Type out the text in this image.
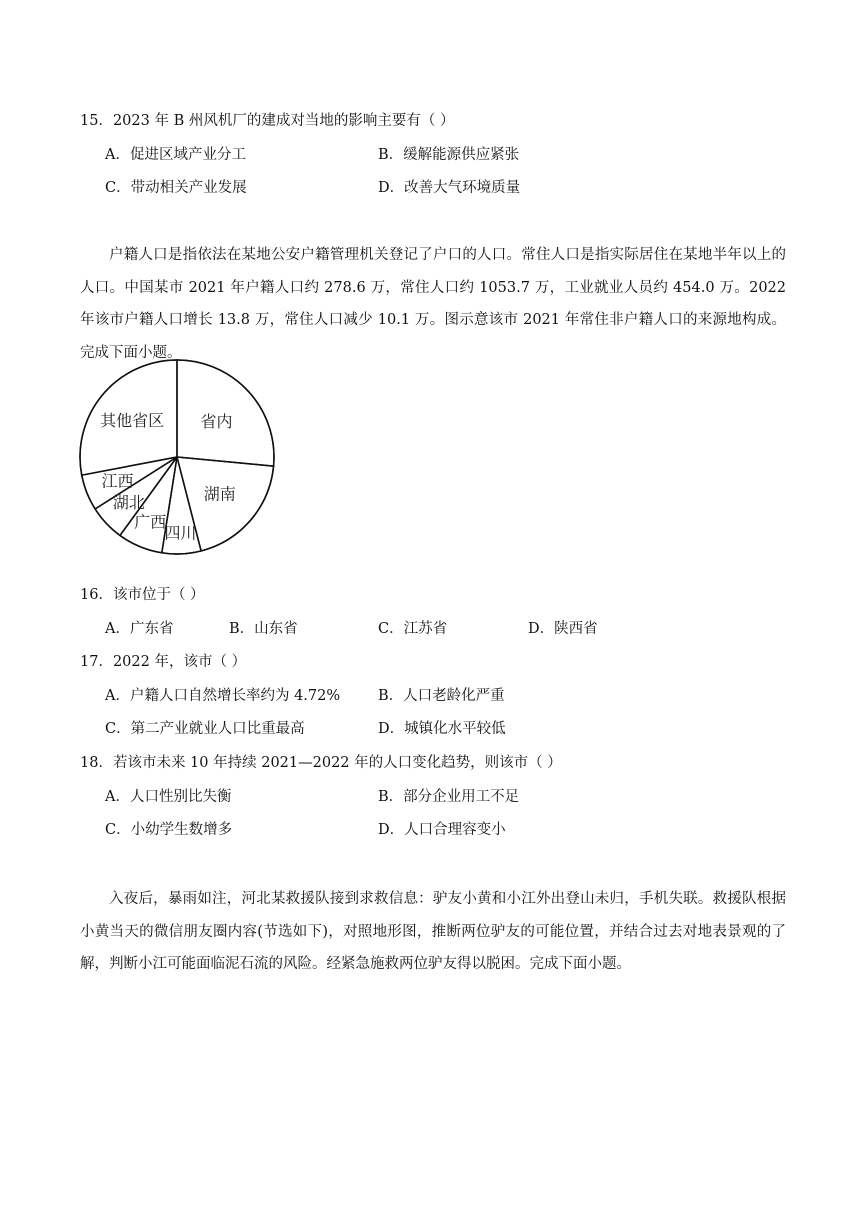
15．2023 年 B 州风机厂的建成对当地的影响主要有（ ）
A．促进区域产业分工	B．缓解能源供应紧张
C．带动相关产业发展	D．改善大气环境质量

户籍人口是指依法在某地公安户籍管理机关登记了户口的人口。常住人口是指实际居住在某地半年以上的人口。中国某市 2021 年户籍人口约 278.6 万，常住人口约 1053.7 万，工业就业人员约 454.0 万。2022 年该市户籍人口增长 13.8 万，常住人口减少 10.1 万。图示意该市 2021 年常住非户籍人口的来源地构成。完成下面小题。

省内
湖南
四川
广西
湖北
江西
其他省区
16．该市位于（ ）
A．广东省	B．山东省	C．江苏省	D．陕西省
17．2022 年，该市（ ）
A．户籍人口自然增长率约为 4.72%	B．人口老龄化严重
C．第二产业就业人口比重最高	D．城镇化水平较低
18．若该市未来 10 年持续 2021—2022 年的人口变化趋势，则该市（ ）
A．人口性别比失衡	B．部分企业用工不足
C．小幼学生数增多	D．人口合理容变小

入夜后，暴雨如注，河北某救援队接到求救信息：驴友小黄和小江外出登山未归，手机失联。救援队根据小黄当天的微信朋友圈内容(节选如下)，对照地形图，推断两位驴友的可能位置，并结合过去对地表景观的了解，判断小江可能面临泥石流的风险。经紧急施救两位驴友得以脱困。完成下面小题。
